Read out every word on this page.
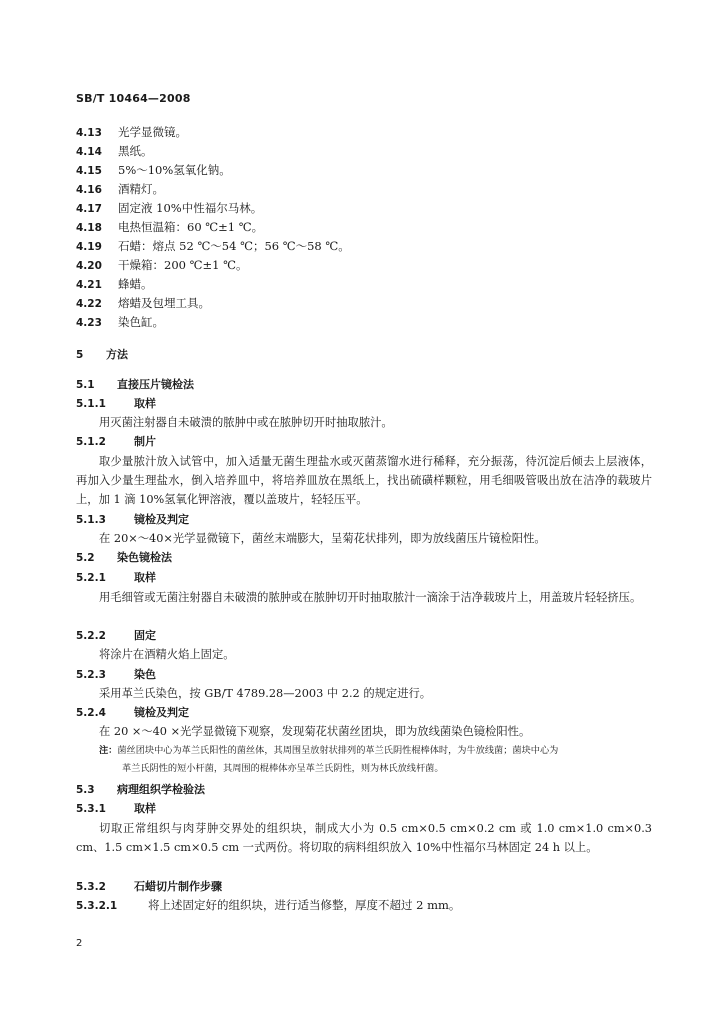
SB/T 10464—2008
4.13 光学显微镜。
4.14 黑纸。
4.15 5%～10%氢氧化钠。
4.16 酒精灯。
4.17 固定液 10%中性福尔马林。
4.18 电热恒温箱：60 ℃±1 ℃。
4.19 石蜡：熔点 52 ℃～54 ℃；56 ℃～58 ℃。
4.20 干燥箱：200 ℃±1 ℃。
4.21 蜂蜡。
4.22 熔蜡及包埋工具。
4.23 染色缸。
5 方法
5.1 直接压片镜检法
5.1.1	取样
用灭菌注射器自未破溃的脓肿中或在脓肿切开时抽取脓汁。
5.1.2	制片
取少量脓汁放入试管中，加入适量无菌生理盐水或灭菌蒸馏水进行稀释，充分振荡，待沉淀后倾去上层液体，再加入少量生理盐水，倒入培养皿中，将培养皿放在黑纸上，找出硫磺样颗粒，用毛细吸管吸出放在洁净的载玻片上，加 1 滴 10%氢氧化钾溶液，覆以盖玻片，轻轻压平。
5.1.3	镜检及判定
在 20×～40×光学显微镜下，菌丝末端膨大，呈菊花状排列，即为放线菌压片镜检阳性。
5.2 染色镜检法
5.2.1	取样
用毛细管或无菌注射器自未破溃的脓肿或在脓肿切开时抽取脓汁一滴涂于洁净载玻片上，用盖玻片轻轻挤压。
5.2.2	固定
将涂片在酒精火焰上固定。
5.2.3	染色
采用革兰氏染色，按 GB/T 4789.28—2003 中 2.2 的规定进行。
5.2.4	镜检及判定
在 20 ×～40 ×光学显微镜下观察，发现菊花状菌丝团块，即为放线菌染色镜检阳性。
注：菌丝团块中心为革兰氏阳性的菌丝体，其周围呈放射状排列的革兰氏阴性棍棒体时，为牛放线菌；菌块中心为
革兰氏阴性的短小杆菌，其周围的棍棒体亦呈革兰氏阴性，则为林氏放线杆菌。
5.3 病理组织学检验法
5.3.1	取样
切取正常组织与肉芽肿交界处的组织块，制成大小为 0.5 cm×0.5 cm×0.2 cm 或 1.0 cm×1.0 cm×0.3 cm、1.5 cm×1.5 cm×0.5 cm 一式两份。将切取的病料组织放入 10%中性福尔马林固定 24 h 以上。
5.3.2	石蜡切片制作步骤
5.3.2.1	将上述固定好的组织块，进行适当修整，厚度不超过 2 mm。
2
